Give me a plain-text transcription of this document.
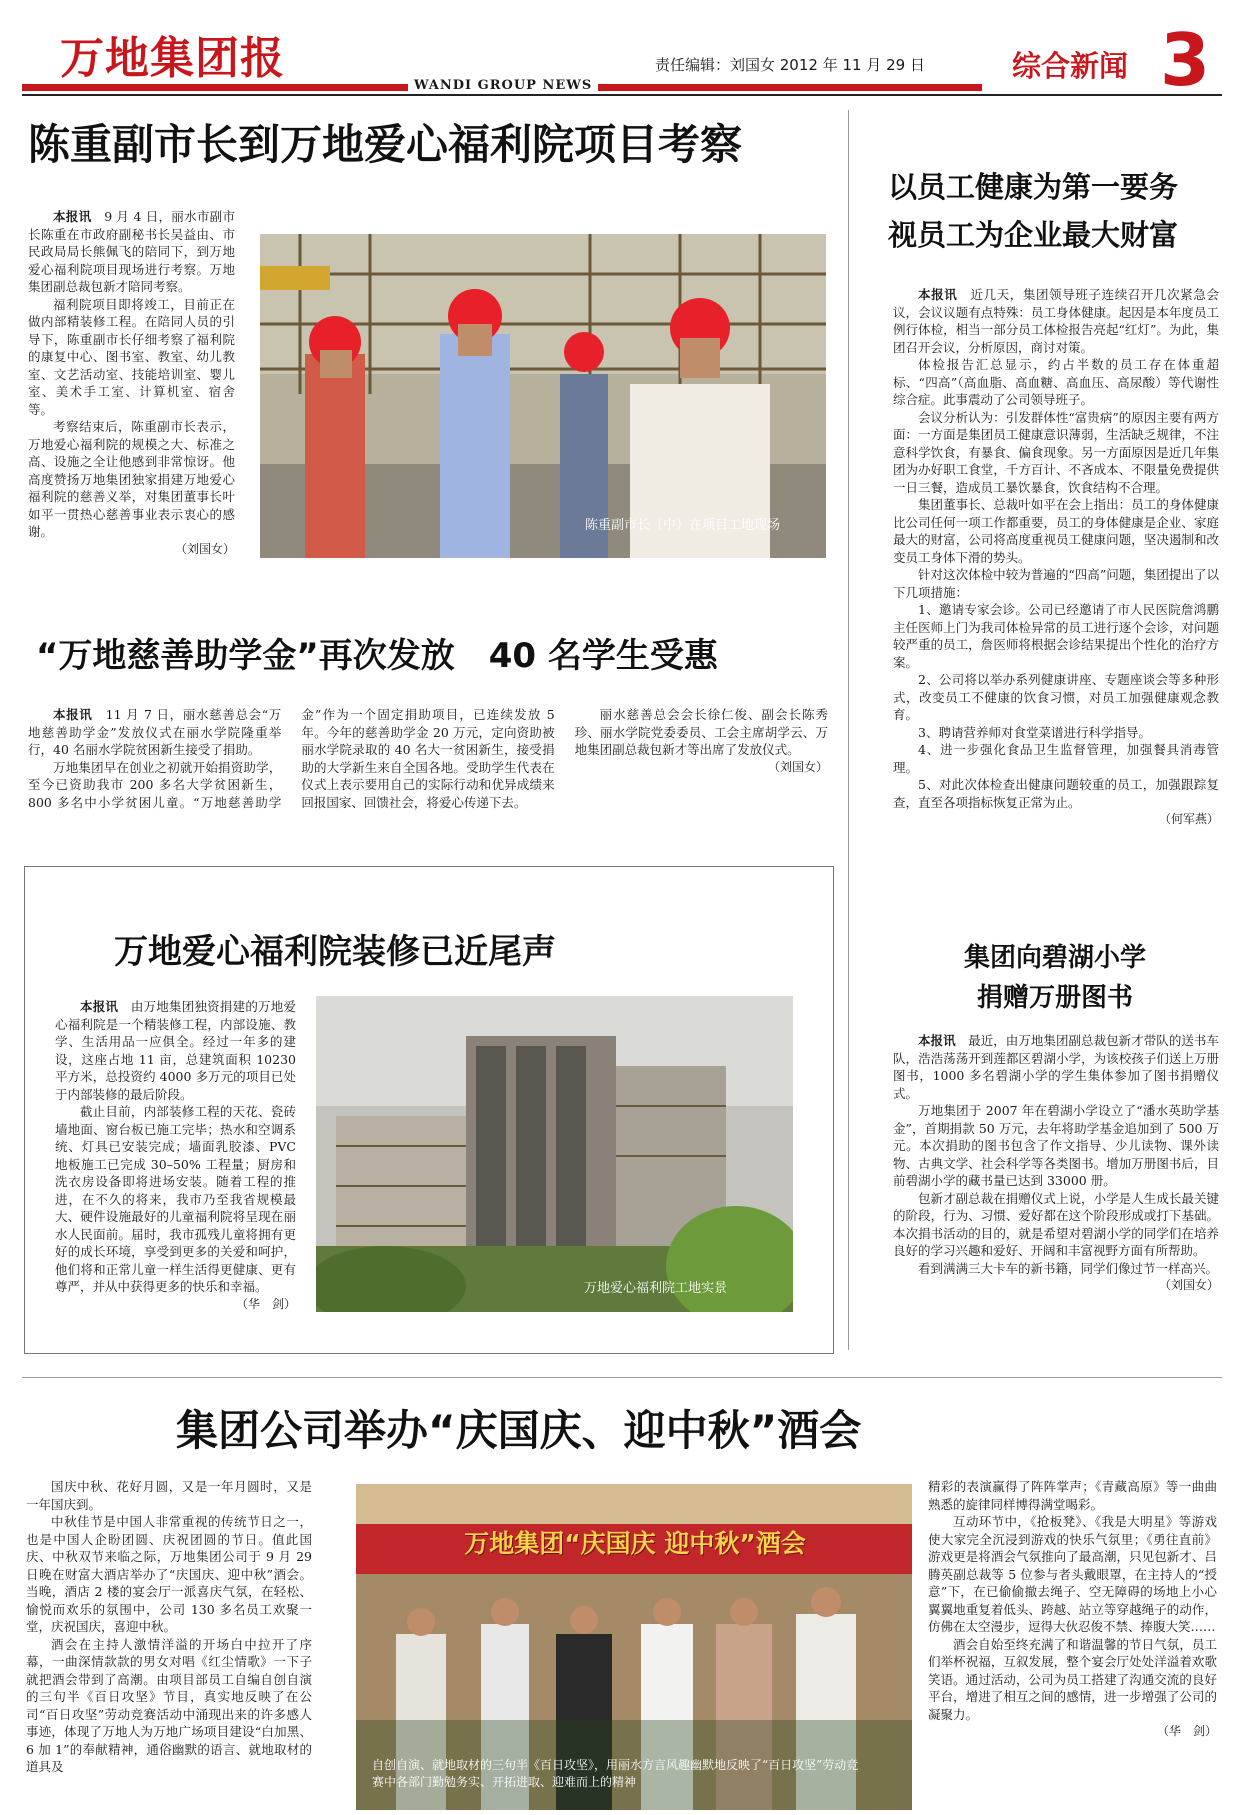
万地集团报
WANDI GROUP NEWS
责任编辑：刘国女 2012 年 11 月 29 日	综合新闻 3
陈重副市长到万地爱心福利院项目考察

本报讯　 9 月 4 日，丽水市副市长陈重在市政府副秘书长吴益由、市民政局局长熊佩飞的陪同下，到万地爱心福利院项目现场进行考察。万地集团副总裁包新才陪同考察。

福利院项目即将竣工，目前正在做内部精装修工程。在陪同人员的引导下，陈重副市长仔细考察了福利院的康复中心、图书室、教室、幼儿教室、文艺活动室、技能培训室、婴儿室、美术手工室、计算机室、宿舍等。

考察结束后，陈重副市长表示，万地爱心福利院的规模之大、标准之高、设施之全让他感到非常惊讶。他高度赞扬万地集团独家捐建万地爱心福利院的慈善义举，对集团董事长叶如平一贯热心慈善事业表示衷心的感谢。

（刘国女）
陈重副市长（中）在项目工地现场
以员工健康为第一要务
视员工为企业最大财富

本报讯　 近几天，集团领导班子连续召开几次紧急会议，会议议题有点特殊：员工身体健康。起因是本年度员工例行体检，相当一部分员工体检报告亮起“红灯”。为此，集团召开会议，分析原因，商讨对策。

体检报告汇总显示，约占半数的员工存在体重超标、“四高”（高血脂、高血糖、高血压、高尿酸）等代谢性综合症。此事震动了公司领导班子。

会议分析认为：引发群体性“富贵病”的原因主要有两方面：一方面是集团员工健康意识薄弱，生活缺乏规律，不注意科学饮食，有暴食、偏食现象。另一方面原因是近几年集团为办好职工食堂，千方百计、不吝成本、不限量免费提供一日三餐，造成员工暴饮暴食，饮食结构不合理。

集团董事长、总裁叶如平在会上指出：员工的身体健康比公司任何一项工作都重要，员工的身体健康是企业、家庭最大的财富，公司将高度重视员工健康问题，坚决遏制和改变员工身体下滑的势头。

针对这次体检中较为普遍的“四高”问题，集团提出了以下几项措施：

1、邀请专家会诊。公司已经邀请了市人民医院詹鸿鹏主任医师上门为我司体检异常的员工进行逐个会诊，对问题较严重的员工，詹医师将根据会诊结果提出个性化的治疗方案。

2、公司将以举办系列健康讲座、专题座谈会等多种形式，改变员工不健康的饮食习惯，对员工加强健康观念教育。

3、聘请营养师对食堂菜谱进行科学指导。

4、进一步强化食品卫生监督管理，加强餐具消毒管理。

5、对此次体检查出健康问题较重的员工，加强跟踪复查，直至各项指标恢复正常为止。

（何军燕）
“万地慈善助学金”再次发放　40 名学生受惠

本报讯　 11 月 7 日，丽水慈善总会“万地慈善助学金”发放仪式在丽水学院隆重举行，40 名丽水学院贫困新生接受了捐助。

万地集团早在创业之初就开始捐资助学，至今已资助我市 200 多名大学贫困新生，800 多名中小学贫困儿童。“万地慈善助学金”作为一个固定捐助项目，已连续发放 5 年。今年的慈善助学金 20 万元，定向资助被丽水学院录取的 40 名大一贫困新生，接受捐助的大学新生来自全国各地。受助学生代表在仪式上表示要用自己的实际行动和优异成绩来回报国家、回馈社会，将爱心传递下去。

丽水慈善总会会长徐仁俊、副会长陈秀珍、丽水学院党委委员、工会主席胡学云、万地集团副总裁包新才等出席了发放仪式。

（刘国女）
万地爱心福利院装修已近尾声

本报讯　 由万地集团独资捐建的万地爱心福利院是一个精装修工程，内部设施、教学、生活用品一应俱全。经过一年多的建设，这座占地 11 亩，总建筑面积 10230 平方米，总投资约 4000 多万元的项目已处于内部装修的最后阶段。

截止目前，内部装修工程的天花、瓷砖墙地面、窗台板已施工完毕；热水和空调系统、灯具已安装完成；墙面乳胶漆、PVC 地板施工已完成 30–50% 工程量；厨房和洗衣房设备即将进场安装。随着工程的推进，在不久的将来，我市乃至我省规模最大、硬件设施最好的儿童福利院将呈现在丽水人民面前。届时，我市孤残儿童将拥有更好的成长环境，享受到更多的关爱和呵护，他们将和正常儿童一样生活得更健康、更有尊严，并从中获得更多的快乐和幸福。

（华　剑）
万地爱心福利院工地实景
集团向碧湖小学
捐赠万册图书

本报讯　 最近，由万地集团副总裁包新才带队的送书车队，浩浩荡荡开到莲都区碧湖小学，为该校孩子们送上万册图书，1000 多名碧湖小学的学生集体参加了图书捐赠仪式。

万地集团于 2007 年在碧湖小学设立了“潘水英助学基金”，首期捐款 50 万元，去年将助学基金追加到了 500 万元。本次捐助的图书包含了作文指导、少儿读物、课外读物、古典文学、社会科学等各类图书。增加万册图书后，目前碧湖小学的藏书量已达到 33000 册。

包新才副总裁在捐赠仪式上说，小学是人生成长最关键的阶段，行为、习惯、爱好都在这个阶段形成或打下基础。本次捐书活动的目的，就是希望对碧湖小学的同学们在培养良好的学习兴趣和爱好、开阔和丰富视野方面有所帮助。

看到满满三大卡车的新书籍，同学们像过节一样高兴。

（刘国女）
集团公司举办“庆国庆、迎中秋”酒会

国庆中秋、花好月圆，又是一年月圆时，又是一年国庆到。

中秋佳节是中国人非常重视的传统节日之一，也是中国人企盼团圆、庆祝团圆的节日。值此国庆、中秋双节来临之际，万地集团公司于 9 月 29 日晚在财富大酒店举办了“庆国庆、迎中秋”酒会。当晚，酒店 2 楼的宴会厅一派喜庆气氛，在轻松、愉悦而欢乐的氛围中，公司 130 多名员工欢聚一堂，庆祝国庆，喜迎中秋。

酒会在主持人激情洋溢的开场白中拉开了序幕，一曲深情款款的男女对唱《红尘情歌》一下子就把酒会带到了高潮。由项目部员工自编自创自演的三句半《百日攻坚》节目，真实地反映了在公司“百日攻坚”劳动竞赛活动中涌现出来的许多感人事迹，体现了万地人为万地广场项目建设“白加黑、6 加 1”的奉献精神，通俗幽默的语言、就地取材的道具及

万地集团“庆国庆 迎中秋”酒会
自创自演、就地取材的三句半《百日攻坚》，用丽水方言风趣幽默地反映了“百日攻坚”劳动竞赛中各部门勤勉务实、开拓进取、迎难而上的精神

精彩的表演赢得了阵阵掌声；《青藏高原》等一曲曲熟悉的旋律同样博得满堂喝彩。

互动环节中，《抢板凳》、《我是大明星》等游戏使大家完全沉浸到游戏的快乐气氛里；《勇往直前》游戏更是将酒会气氛推向了最高潮，只见包新才、吕腾英副总裁等 5 位参与者头戴眼罩，在主持人的“授意”下，在已偷偷撤去绳子、空无障碍的场地上小心翼翼地重复着低头、跨越、站立等穿越绳子的动作，仿佛在太空漫步，逗得大伙忍俊不禁、捧腹大笑……

酒会自始至终充满了和谐温馨的节日气氛，员工们举杯祝福，互叙发展，整个宴会厅处处洋溢着欢歌笑语。通过活动，公司为员工搭建了沟通交流的良好平台，增进了相互之间的感情，进一步增强了公司的凝聚力。

（华　剑）
